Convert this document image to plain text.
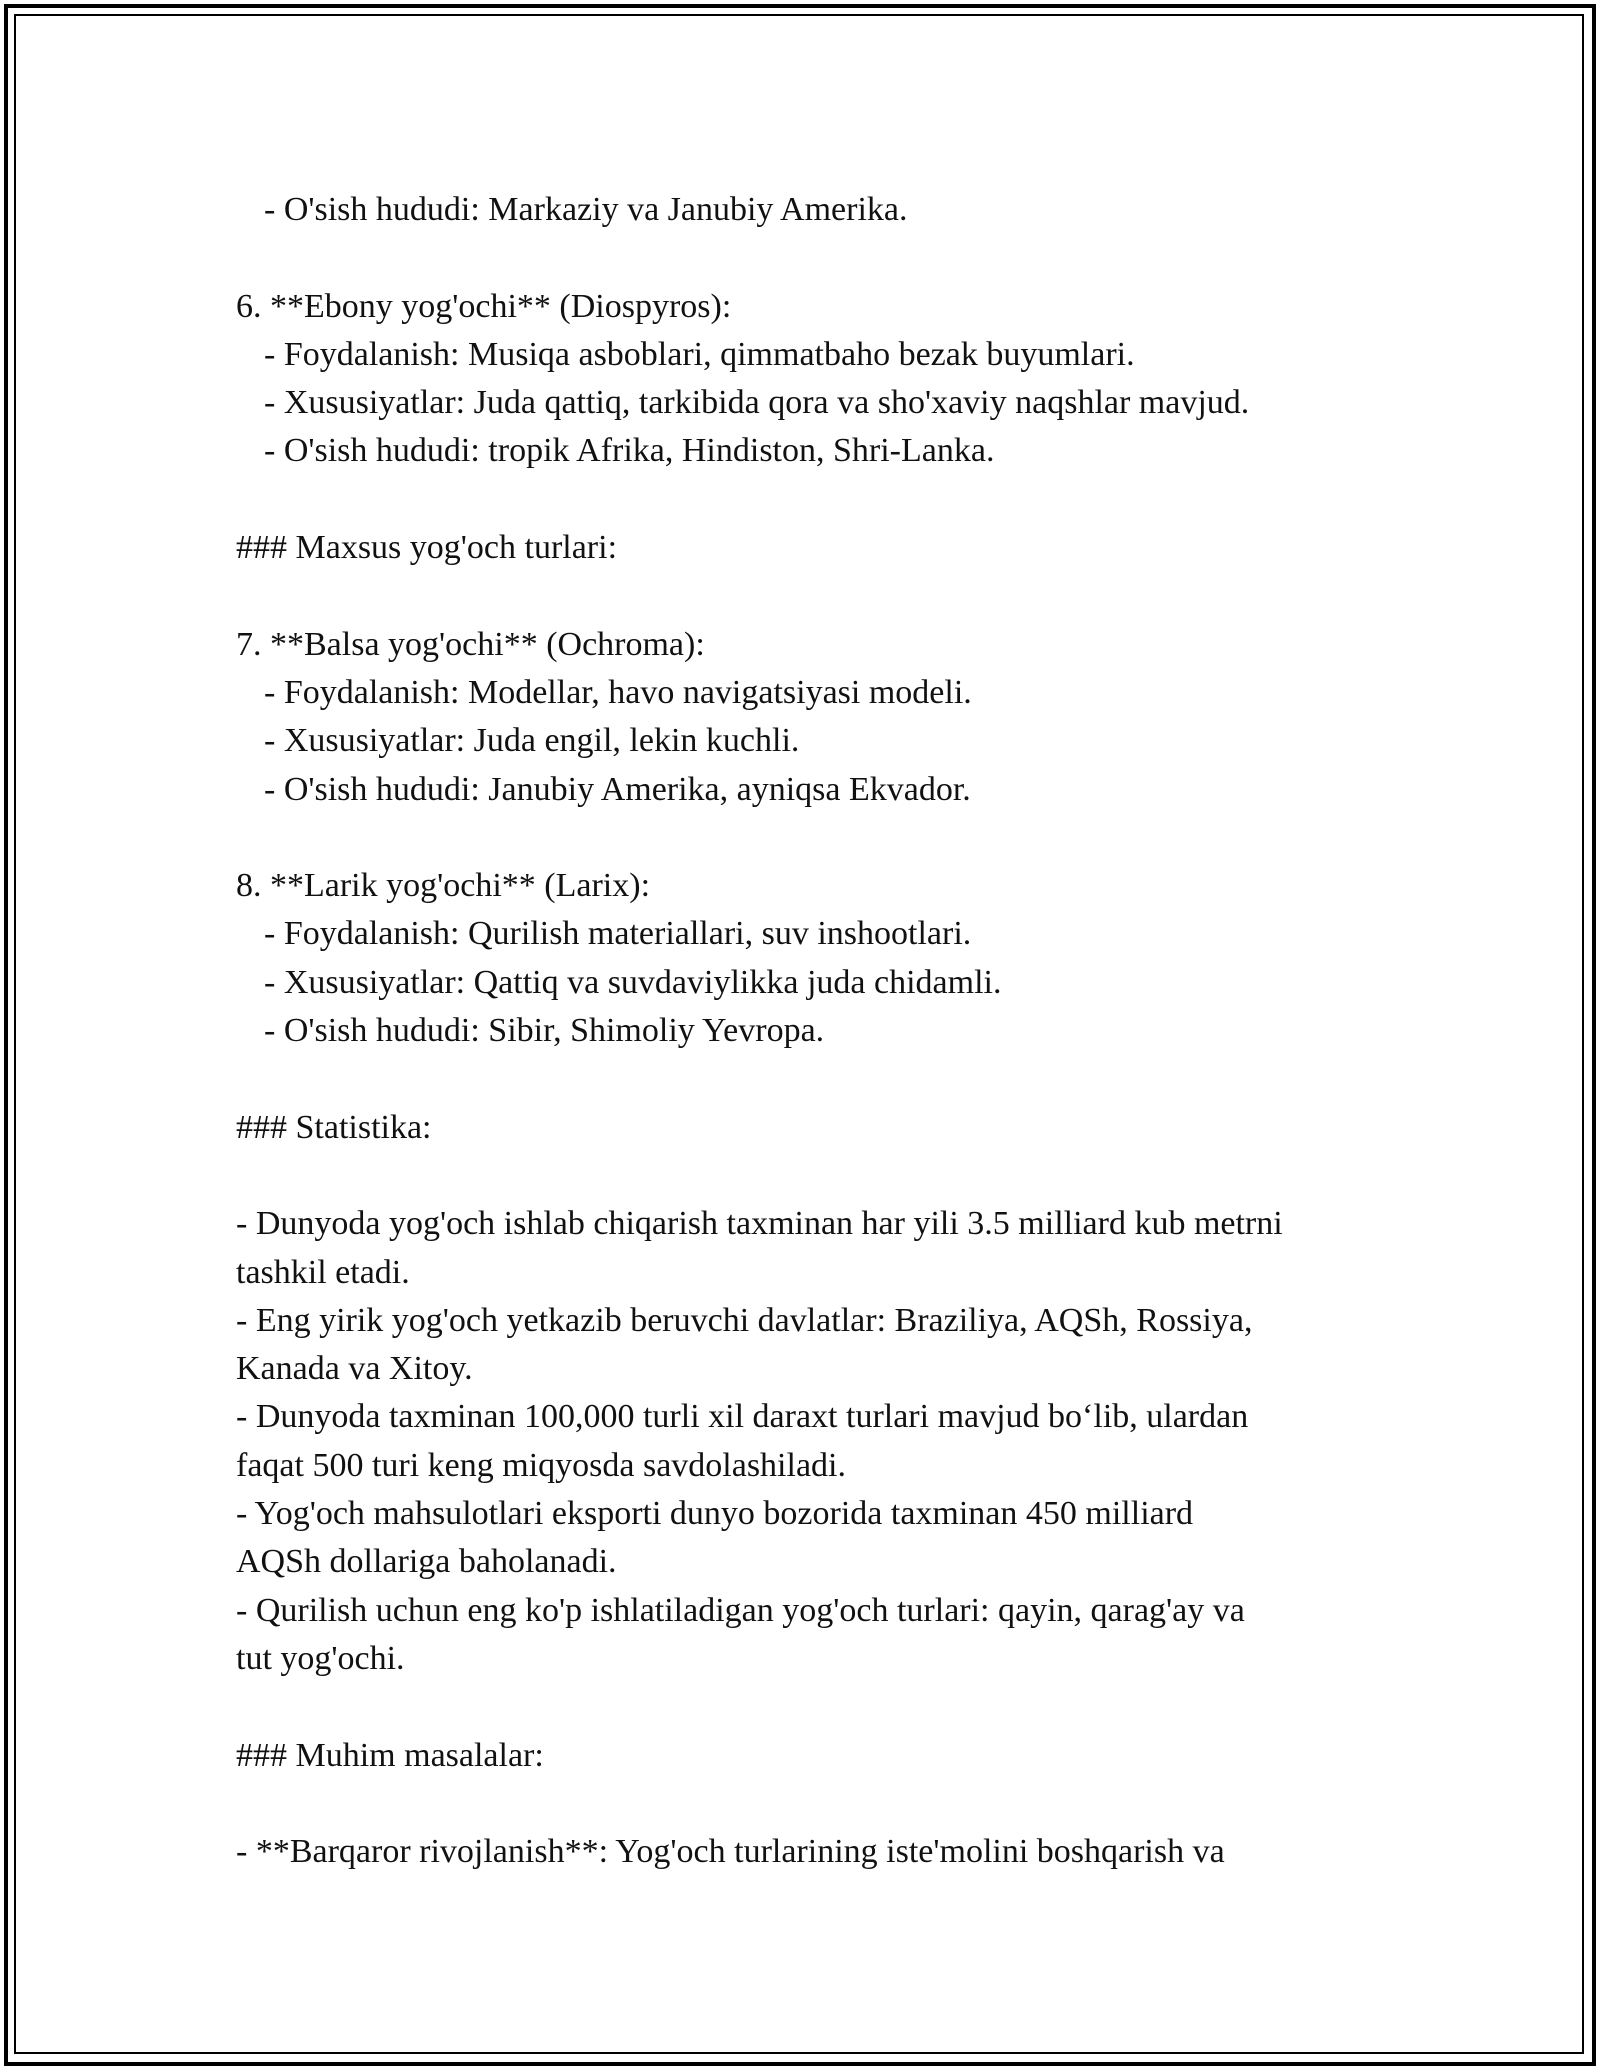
- O'sish hududi: Markaziy va Janubiy Amerika.
6. **Ebony yog'ochi** (Diospyros):
- Foydalanish: Musiqa asboblari, qimmatbaho bezak buyumlari.
- Xususiyatlar: Juda qattiq, tarkibida qora va sho'xaviy naqshlar mavjud.
- O'sish hududi: tropik Afrika, Hindiston, Shri-Lanka.
### Maxsus yog'och turlari:
7. **Balsa yog'ochi** (Ochroma):
- Foydalanish: Modellar, havo navigatsiyasi modeli.
- Xususiyatlar: Juda engil, lekin kuchli.
- O'sish hududi: Janubiy Amerika, ayniqsa Ekvador.
8. **Larik yog'ochi** (Larix):
- Foydalanish: Qurilish materiallari, suv inshootlari.
- Xususiyatlar: Qattiq va suvdaviylikka juda chidamli.
- O'sish hududi: Sibir, Shimoliy Yevropa.
### Statistika:
- Dunyoda yog'och ishlab chiqarish taxminan har yili 3.5 milliard kub metrni
tashkil etadi.
- Eng yirik yog'och yetkazib beruvchi davlatlar: Braziliya, AQSh, Rossiya,
Kanada va Xitoy.
- Dunyoda taxminan 100,000 turli xil daraxt turlari mavjud bo‘lib, ulardan
faqat 500 turi keng miqyosda savdolashiladi.
- Yog'och mahsulotlari eksporti dunyo bozorida taxminan 450 milliard
AQSh dollariga baholanadi.
- Qurilish uchun eng ko'p ishlatiladigan yog'och turlari: qayin, qarag'ay va
tut yog'ochi.
### Muhim masalalar:
- **Barqaror rivojlanish**: Yog'och turlarining iste'molini boshqarish va
